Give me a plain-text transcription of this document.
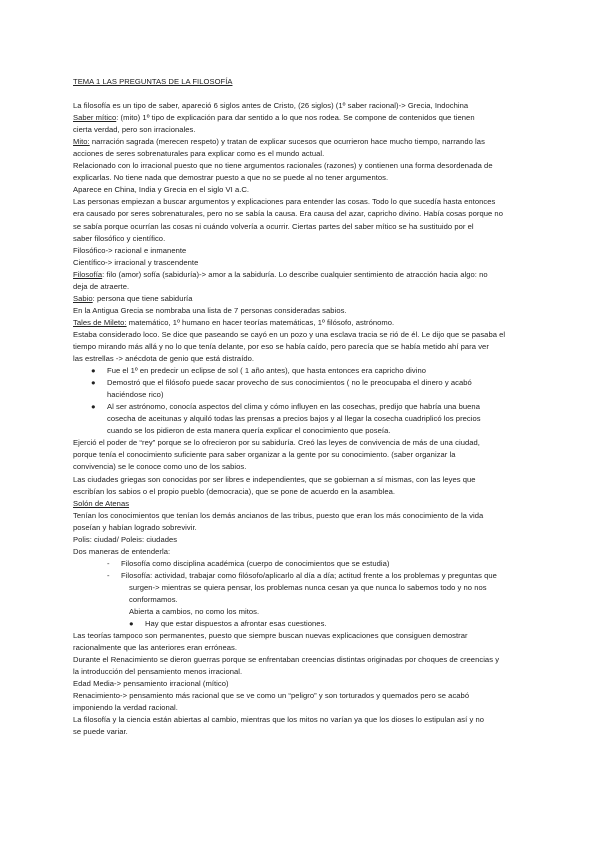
TEMA 1 LAS PREGUNTAS DE LA FILOSOFÍA
La filosofía es un tipo de saber, apareció 6 siglos antes de Cristo, (26 siglos) (1º saber racional)-> Grecia, Indochina
Saber mítico: (mito) 1º tipo de explicación para dar sentido a lo que nos rodea. Se compone de contenidos que tienen
cierta verdad, pero son irracionales.
Mito: narración sagrada (merecen respeto) y tratan de explicar sucesos que ocurrieron hace mucho tiempo, narrando las
acciones de seres sobrenaturales para explicar como es el mundo actual.
Relacionado con lo irracional puesto que no tiene argumentos racionales (razones) y contienen una forma desordenada de
explicarlas. No tiene nada que demostrar puesto a que no se puede al no tener argumentos.
Aparece en China, India y Grecia en el siglo VI a.C.
Las personas empiezan a buscar argumentos y explicaciones para entender las cosas. Todo lo que sucedía hasta entonces
era causado por seres sobrenaturales, pero no se sabía la causa. Era causa del azar, capricho divino. Había cosas porque no
se sabía porque ocurrían las cosas ni cuándo volvería a ocurrir. Ciertas partes del saber mítico se ha sustituido por el
saber filosófico y científico.
Filosófico-> racional e inmanente
Científico-> irracional y trascendente
Filosofía: filo (amor) sofía (sabiduría)-> amor a la sabiduría. Lo describe cualquier sentimiento de atracción hacia algo: no
deja de atraerte.
Sabio: persona que tiene sabiduría
En la Antigua Grecia se nombraba una lista de 7 personas consideradas sabios.
Tales de Mileto: matemático, 1º humano en hacer teorías matemáticas, 1º filósofo, astrónomo.
Estaba considerado loco. Se dice que paseando se cayó en un pozo y una esclava tracia se rió de él. Le dijo que se pasaba el
tiempo mirando más allá y no lo que tenía delante, por eso se había caído, pero parecía que se había metido ahí para ver
las estrellas -> anécdota de genio que está distraído.
● Fue el 1º en predecir un eclipse de sol ( 1 año antes), que hasta entonces era capricho divino
● Demostró que el filósofo puede sacar provecho de sus conocimientos ( no le preocupaba el dinero y acabó
haciéndose rico)
● Al ser astrónomo, conocía aspectos del clima y cómo influyen en las cosechas, predijo que habría una buena
cosecha de aceitunas y alquiló todas las prensas a precios bajos y al llegar la cosecha cuadriplicó los precios
cuando se los pidieron de esta manera quería explicar el conocimiento que poseía.
Ejerció el poder de “rey” porque se lo ofrecieron por su sabiduría. Creó las leyes de convivencia de más de una ciudad,
porque tenía el conocimiento suficiente para saber organizar a la gente por su conocimiento. (saber organizar la
convivencia) se le conoce como uno de los sabios.
Las ciudades griegas son conocidas por ser libres e independientes, que se gobiernan a sí mismas, con las leyes que
escribían los sabios o el propio pueblo (democracia), que se pone de acuerdo en la asamblea.
Solón de Atenas
Tenían los conocimientos que tenían los demás ancianos de las tribus, puesto que eran los más conocimiento de la vida
poseían y habían logrado sobrevivir.
Polis: ciudad/ Poleis: ciudades
Dos maneras de entenderla:
- Filosofía como disciplina académica (cuerpo de conocimientos que se estudia)
- Filosofía: actividad, trabajar como filósofo/aplicarlo al día a día; actitud frente a los problemas y preguntas que
surgen-> mientras se quiera pensar, los problemas nunca cesan ya que nunca lo sabemos todo y no nos
conformamos.
Abierta a cambios, no como los mitos.
● Hay que estar dispuestos a afrontar esas cuestiones.
Las teorías tampoco son permanentes, puesto que siempre buscan nuevas explicaciones que consiguen demostrar
racionalmente que las anteriores eran erróneas.
Durante el Renacimiento se dieron guerras porque se enfrentaban creencias distintas originadas por choques de creencias y
la introducción del pensamiento menos irracional.
Edad Media-> pensamiento irracional (mítico)
Renacimiento-> pensamiento más racional que se ve como un “peligro” y son torturados y quemados pero se acabó
imponiendo la verdad racional.
La filosofía y la ciencia están abiertas al cambio, mientras que los mitos no varían ya que los dioses lo estipulan así y no
se puede variar.
